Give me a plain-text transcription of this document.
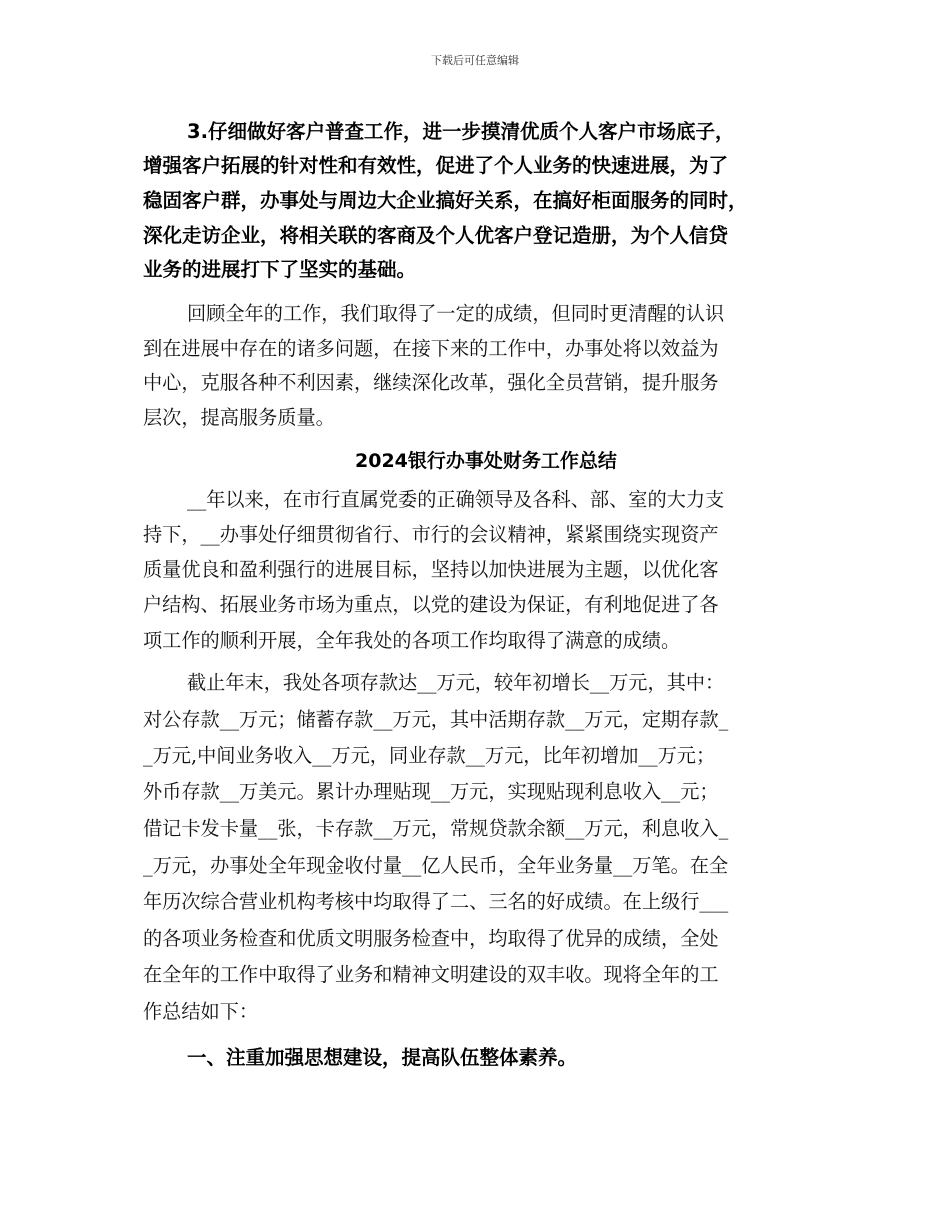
下载后可任意编辑
3.仔细做好客户普查工作，进一步摸清优质个人客户市场底子，
增强客户拓展的针对性和有效性，促进了个人业务的快速进展，为了
稳固客户群，办事处与周边大企业搞好关系，在搞好柜面服务的同时，
深化走访企业，将相关联的客商及个人优客户登记造册，为个人信贷
业务的进展打下了坚实的基础。
回顾全年的工作，我们取得了一定的成绩，但同时更清醒的认识
到在进展中存在的诸多问题，在接下来的工作中，办事处将以效益为
中心，克服各种不利因素，继续深化改革，强化全员营销，提升服务
层次，提高服务质量。
2024银行办事处财务工作总结
__年以来，在市行直属党委的正确领导及各科、部、室的大力支
持下，__办事处仔细贯彻省行、市行的会议精神，紧紧围绕实现资产
质量优良和盈利强行的进展目标，坚持以加快进展为主题，以优化客
户结构、拓展业务市场为重点，以党的建设为保证，有利地促进了各
项工作的顺利开展，全年我处的各项工作均取得了满意的成绩。
截止年末，我处各项存款达__万元，较年初增长__万元，其中：
对公存款__万元；储蓄存款__万元，其中活期存款__万元，定期存款_
_万元,中间业务收入__万元，同业存款__万元，比年初增加__万元；
外币存款__万美元。累计办理贴现__万元，实现贴现利息收入__元；
借记卡发卡量__张，卡存款__万元，常规贷款余额__万元，利息收入_
_万元，办事处全年现金收付量__亿人民币，全年业务量__万笔。在全
年历次综合营业机构考核中均取得了二、三名的好成绩。在上级行___
的各项业务检查和优质文明服务检查中，均取得了优异的成绩，全处
在全年的工作中取得了业务和精神文明建设的双丰收。现将全年的工
作总结如下：
一、注重加强思想建设，提高队伍整体素养。
